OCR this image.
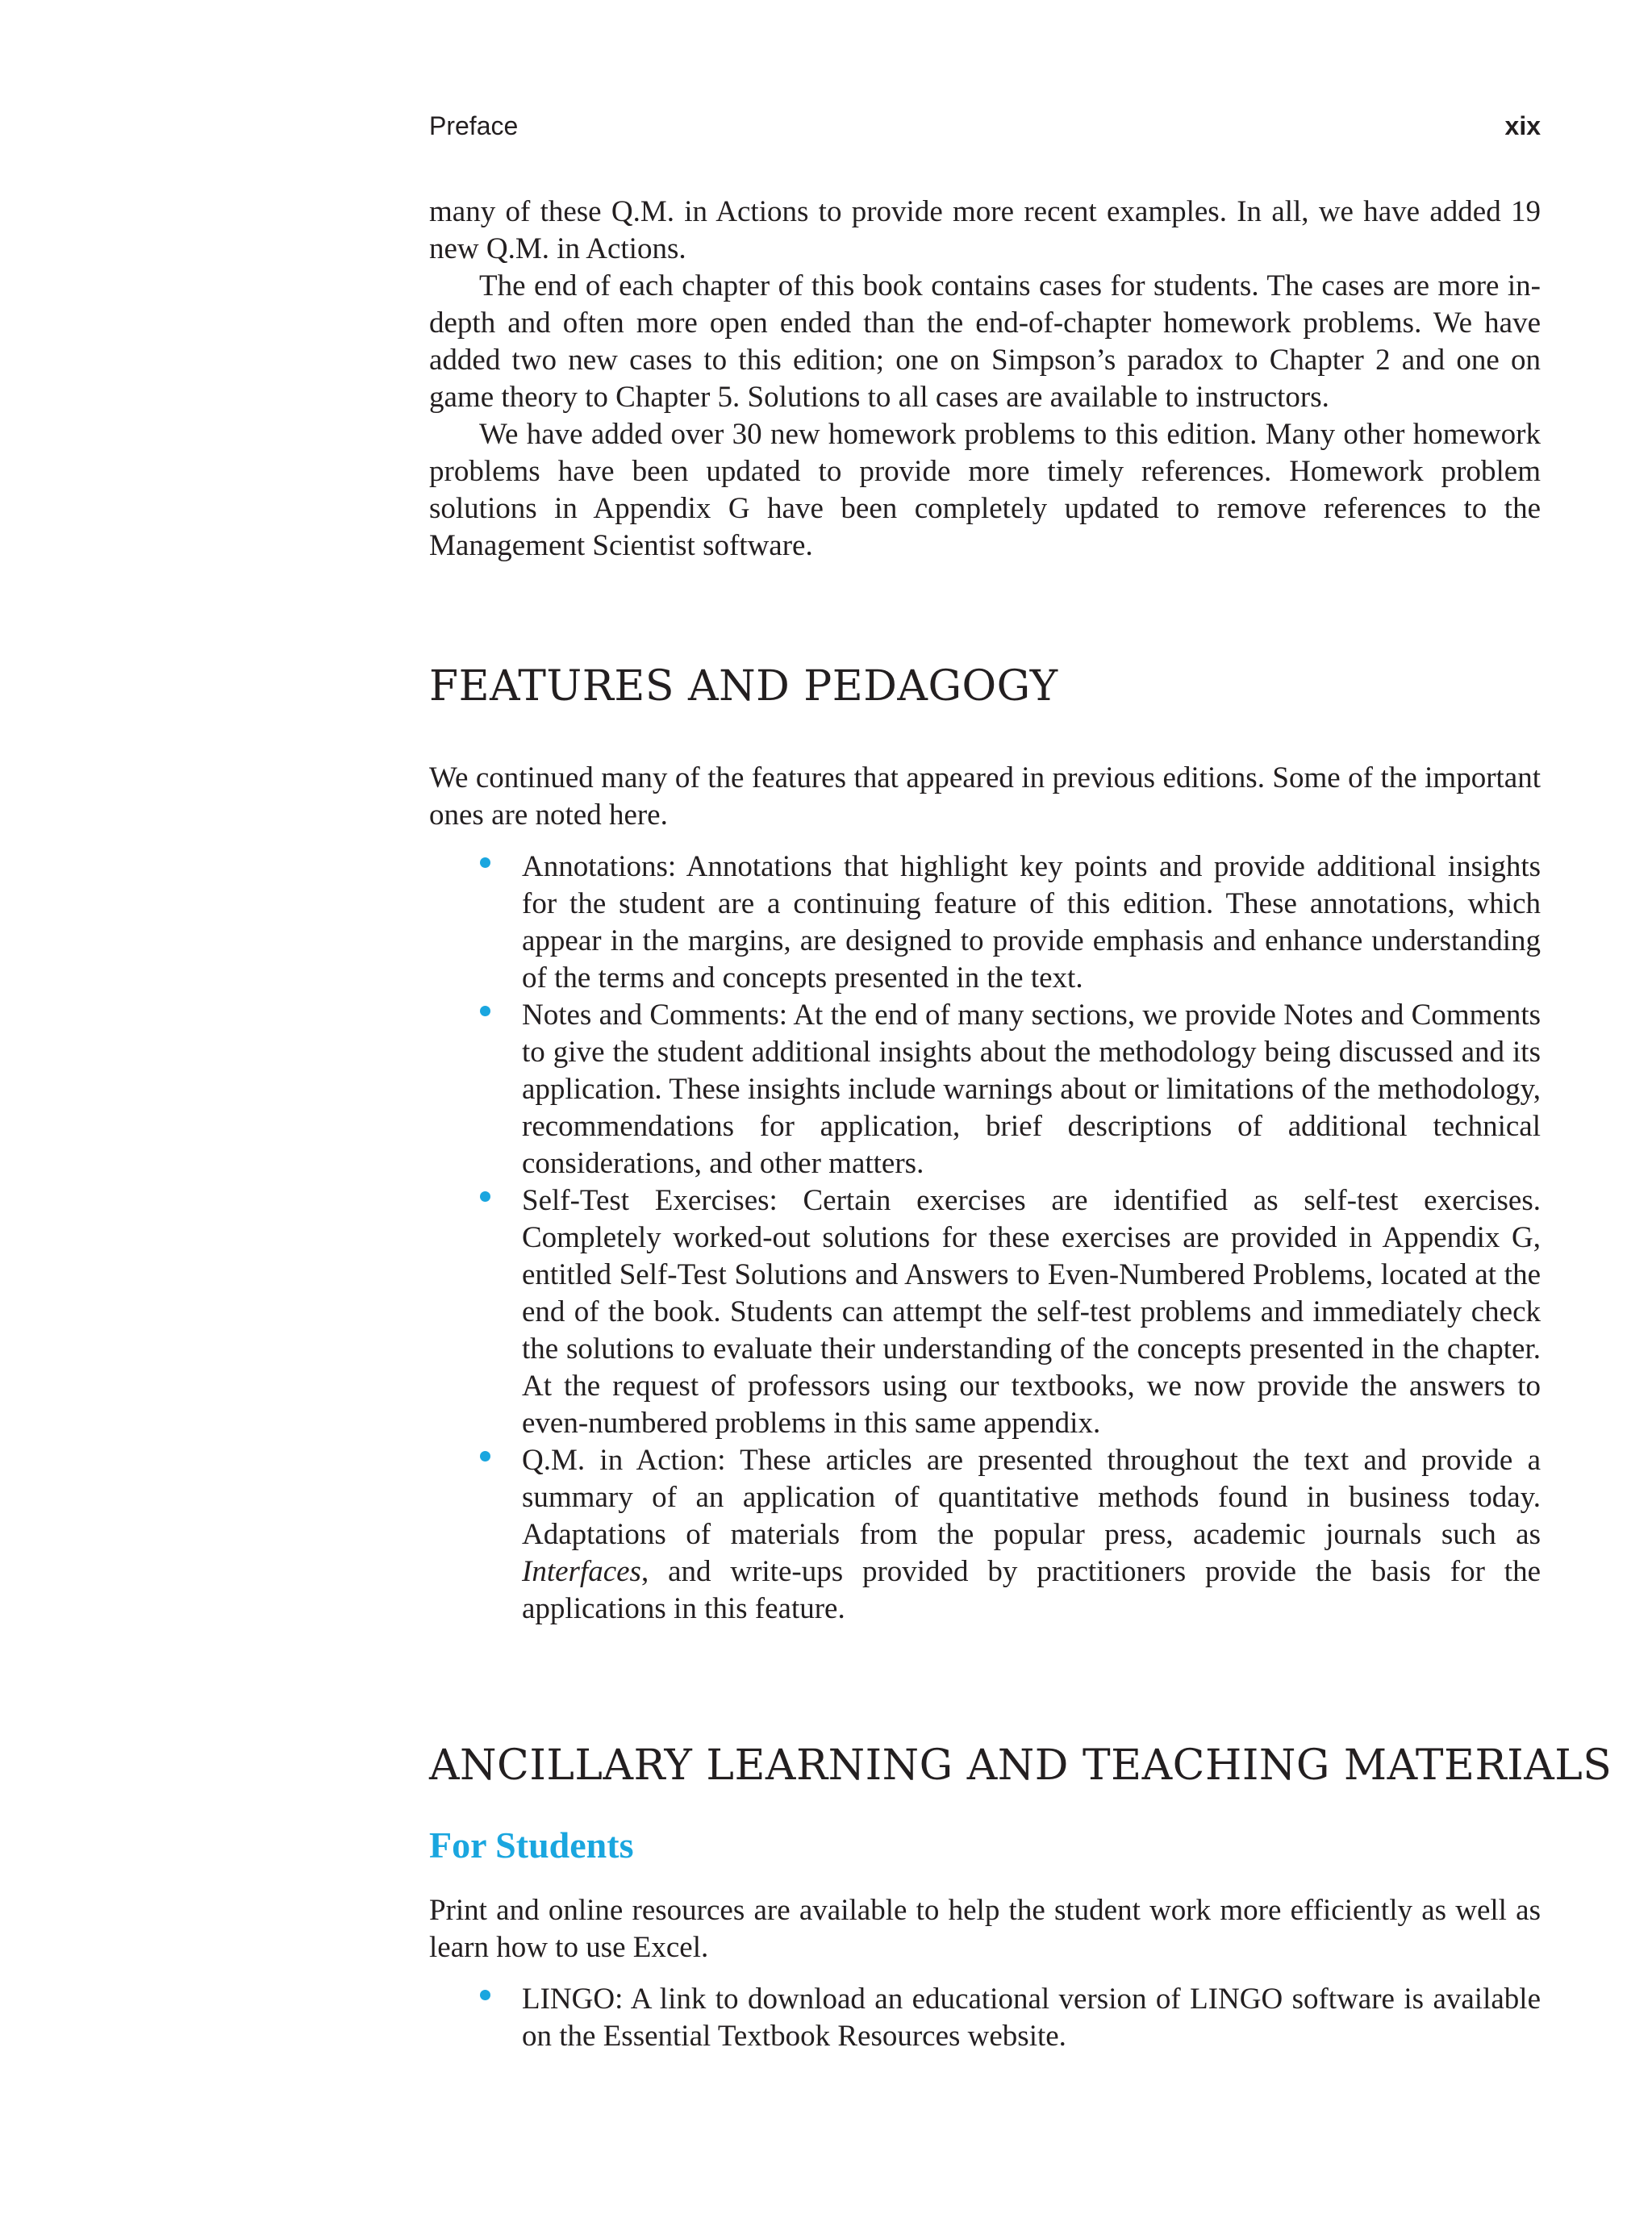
Preface	xix

many of these Q.M. in Actions to provide more recent examples. In all, we have added 19 new Q.M. in Actions.

The end of each chapter of this book contains cases for students. The cases are more in-depth and often more open ended than the end-of-chapter homework problems. We have added two new cases to this edition; one on Simpson’s paradox to Chapter 2 and one on game theory to Chapter 5. Solutions to all cases are available to instructors.

We have added over 30 new homework problems to this edition. Many other homework problems have been updated to provide more timely references. Homework problem solutions in Appendix G have been completely updated to remove references to the Management Scientist software.

FEATURES AND PEDAGOGY

We continued many of the features that appeared in previous editions. Some of the important ones are noted here.

Annotations: Annotations that highlight key points and provide additional insights for the student are a continuing feature of this edition. These annotations, which appear in the margins, are designed to provide emphasis and enhance understanding of the terms and concepts presented in the text.
Notes and Comments: At the end of many sections, we provide Notes and Comments to give the student additional insights about the methodology being discussed and its application. These insights include warnings about or limitations of the methodology, recommendations for application, brief descriptions of additional technical considerations, and other matters.
Self-Test Exercises: Certain exercises are identified as self-test exercises. Completely worked-out solutions for these exercises are provided in Appendix G, entitled Self-Test Solutions and Answers to Even-Numbered Problems, located at the end of the book. Students can attempt the self-test problems and immediately check the solutions to evaluate their understanding of the concepts presented in the chapter. At the request of professors using our textbooks, we now provide the answers to even-numbered problems in this same appendix.
Q.M. in Action: These articles are presented throughout the text and provide a summary of an application of quantitative methods found in business today. Adaptations of materials from the popular press, academic journals such as Interfaces, and write-ups provided by practitioners provide the basis for the applications in this feature.
ANCILLARY LEARNING AND TEACHING MATERIALS
For Students

Print and online resources are available to help the student work more efficiently as well as learn how to use Excel.

LINGO: A link to download an educational version of LINGO software is available on the Essential Textbook Resources website.
